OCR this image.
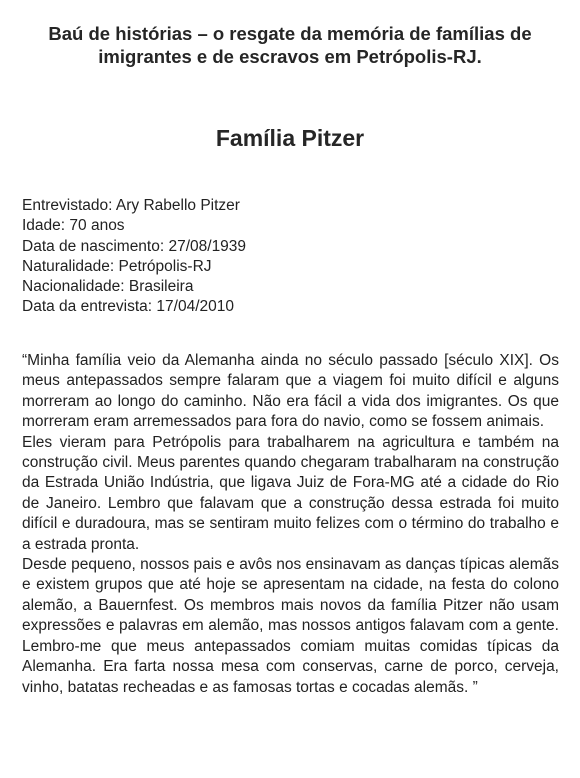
Baú de histórias – o resgate da memória de famílias de
imigrantes e de escravos em Petrópolis-RJ.
Família Pitzer
Entrevistado: Ary Rabello Pitzer
Idade: 70 anos
Data de nascimento: 27/08/1939
Naturalidade: Petrópolis-RJ
Nacionalidade: Brasileira
Data da entrevista: 17/04/2010

“Minha família veio da Alemanha ainda no século passado [século XIX]. Os meus antepassados sempre falaram que a viagem foi muito difícil e alguns morreram ao longo do caminho. Não era fácil a vida dos imigrantes. Os que morreram eram arremessados para fora do navio, como se fossem animais.

Eles vieram para Petrópolis para trabalharem na agricultura e também na construção civil. Meus parentes quando chegaram trabalharam na construção da Estrada União Indústria, que ligava Juiz de Fora-MG até a cidade do Rio de Janeiro. Lembro que falavam que a construção dessa estrada foi muito difícil e duradoura, mas se sentiram muito felizes com o término do trabalho e a estrada pronta.

Desde pequeno, nossos pais e avôs nos ensinavam as danças típicas alemãs e existem grupos que até hoje se apresentam na cidade, na festa do colono alemão, a Bauernfest. Os membros mais novos da família Pitzer não usam expressões e palavras em alemão, mas nossos antigos falavam com a gente. Lembro-me que meus antepassados comiam muitas comidas típicas da Alemanha. Era farta nossa mesa com conservas, carne de porco, cerveja, vinho, batatas recheadas e as famosas tortas e cocadas alemãs. ”
